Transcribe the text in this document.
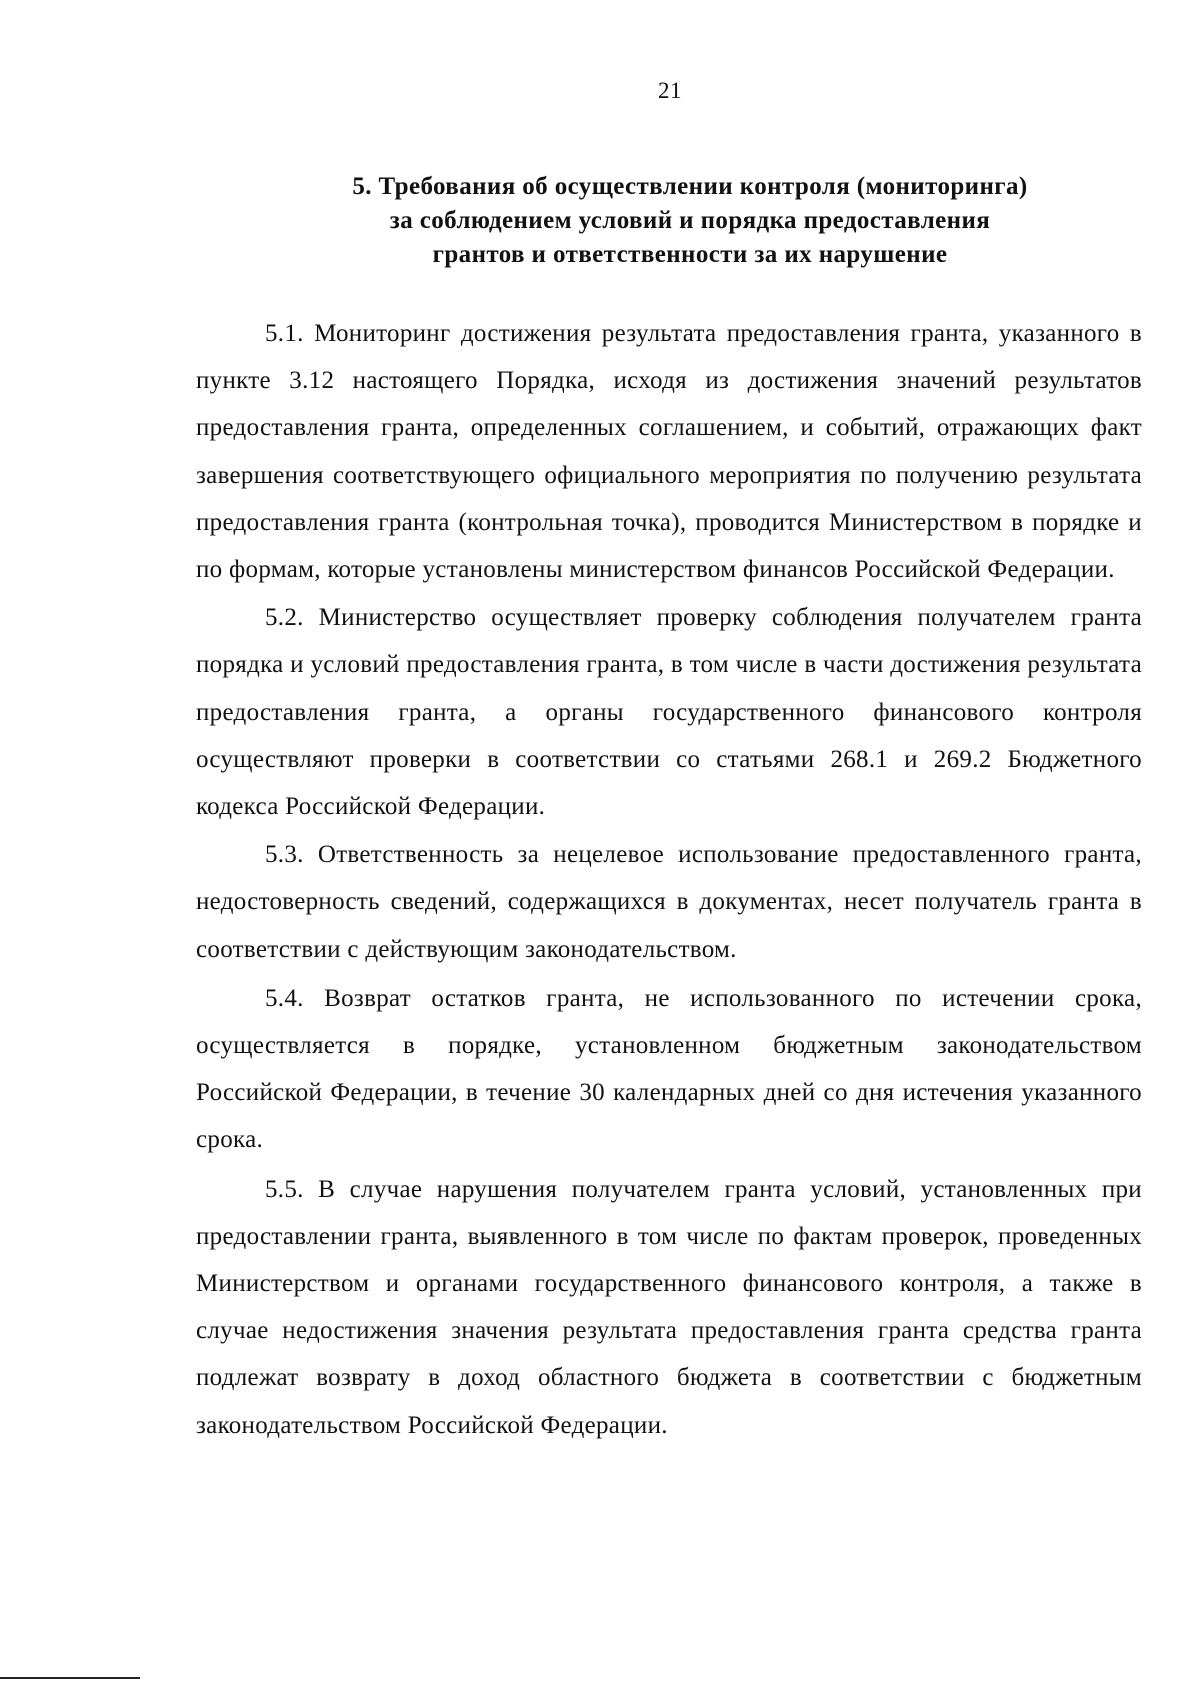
21
5. Требования об осуществлении контроля (мониторинга)
за соблюдением условий и порядка предоставления
грантов и ответственности за их нарушение

5.1. Мониторинг достижения результата предоставления гранта, указанного в пункте 3.12 настоящего Порядка, исходя из достижения значений результатов предоставления гранта, определенных соглашением, и событий, отражающих факт завершения соответствующего официального мероприятия по получению результата предоставления гранта (контрольная точка), проводится Министерством в порядке и по формам, которые установлены министерством финансов Российской Федерации.

5.2. Министерство осуществляет проверку соблюдения получателем гранта порядка и условий предоставления гранта, в том числе в части достижения результата предоставления гранта, а органы государственного финансового контроля осуществляют проверки в соответствии со статьями 268.1 и 269.2 Бюджетного кодекса Российской Федерации.

5.3. Ответственность за нецелевое использование предоставленного гранта, недостоверность сведений, содержащихся в документах, несет получатель гранта в соответствии с действующим законодательством.

5.4. Возврат остатков гранта, не использованного по истечении срока, осуществляется в порядке, установленном бюджетным законодательством Российской Федерации, в течение 30 календарных дней со дня истечения указанного срока.

5.5. В случае нарушения получателем гранта условий, установленных при предоставлении гранта, выявленного в том числе по фактам проверок, проведенных Министерством и органами государственного финансового контроля, а также в случае недостижения значения результата предоставления гранта средства гранта подлежат возврату в доход областного бюджета в соответствии с бюджетным законодательством Российской Федерации.
